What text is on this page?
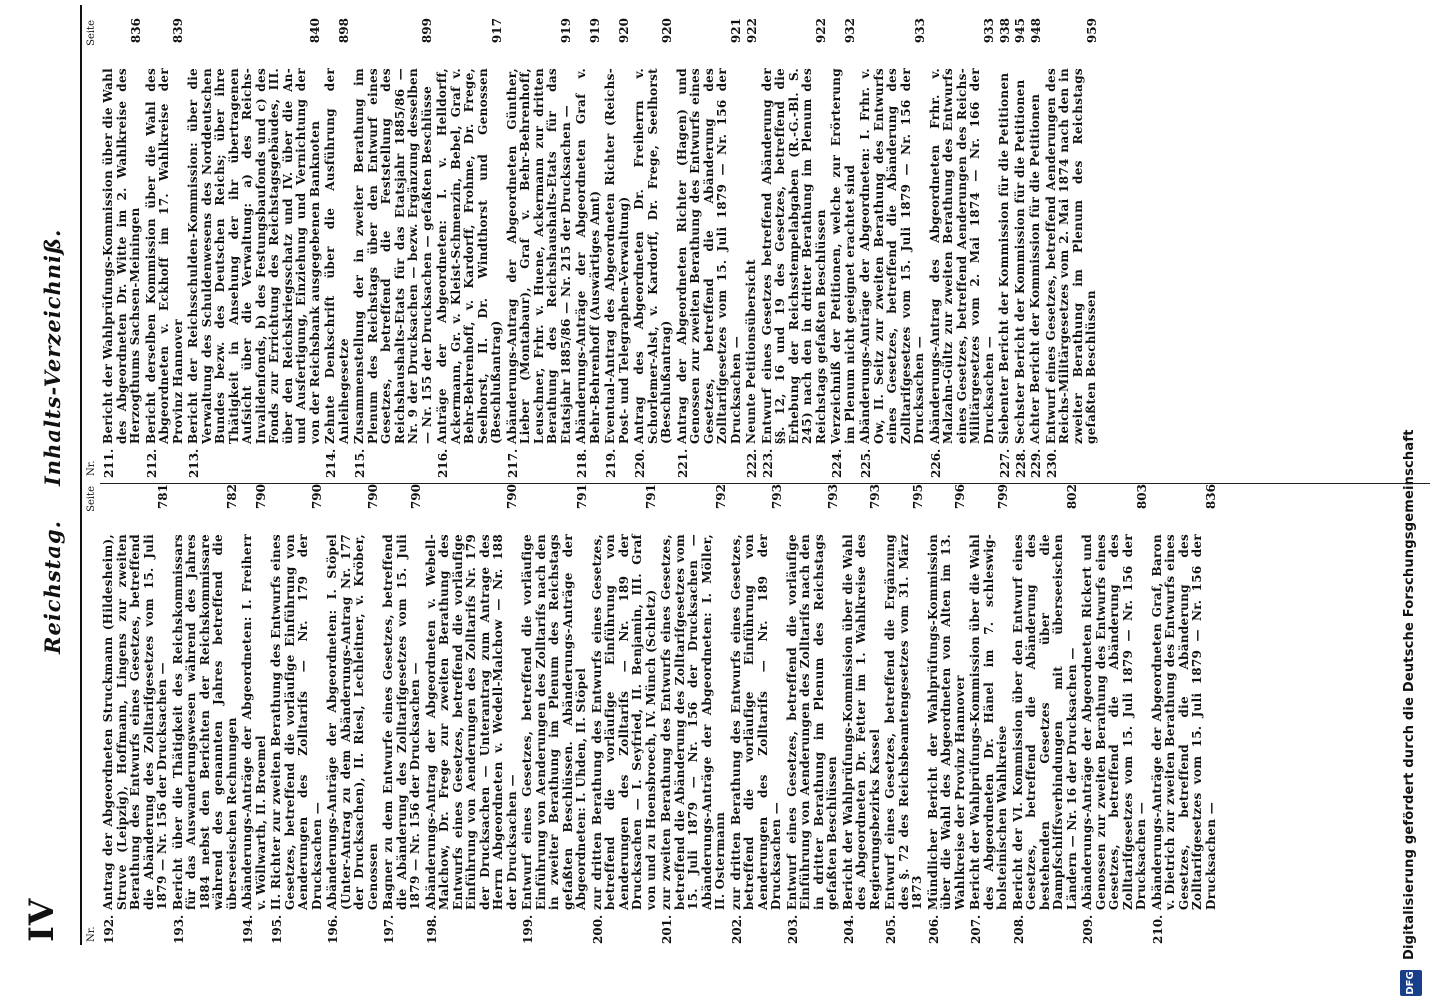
IV
Reichstag.Inhalts-Verzeichniß.
Nr.
Seite
192.
Antrag der Abgeordneten Struckmann (Hildesheim), Struve (Leipzig), Hoffmann, Lingens zur zweiten Berathung des Entwurfs eines Gesetzes, betreffend die Abänderung des Zolltarifgesetzes vom 15. Juli 1879 — Nr. 156 der Drucksachen —
781
193.
Bericht über die Thätigkeit des Reichskommissars für das Auswanderungswesen während des Jahres 1884 nebst den Berichten der Reichskommissare während des genannten Jahres betreffend die überseeischen Rechnungen
782
194.
Abänderungs-Anträge der Abgeordneten: I. Freiherr v. Wöllwarth, II. Broemel
790
195.
II. Richter zur zweiten Berathung des Entwurfs eines Gesetzes, betreffend die vorläufige Einführung von Aenderungen des Zolltarifs — Nr. 179 der Drucksachen —
790
196.
Abänderungs-Anträge der Abgeordneten: I. Stöpel (Unter-Antrag zu dem Abänderungs-Antrag Nr. 177 der Drucksachen), II. Riesl, Lechleitner, v. Kröber, Genossen
790
197.
Bagner zu dem Entwurfe eines Gesetzes, betreffend die Abänderung des Zolltarifgesetzes vom 15. Juli 1879 — Nr. 156 der Drucksachen —
790
198.
Abänderungs-Antrag der Abgeordneten v. Webell-Malchow, Dr. Frege zur zweiten Berathung des Entwurfs eines Gesetzes, betreffend die vorläufige Einführung von Aenderungen des Zolltarifs Nr. 179 der Drucksachen — Unterantrag zum Antrage des Herrn Abgeordneten v. Wedell-Malchow — Nr. 188 der Drucksachen —
790
199.
Entwurf eines Gesetzes, betreffend die vorläufige Einführung von Aenderungen des Zolltarifs nach den in zweiter Berathung im Plenum des Reichstags gefaßten Beschlüssen. Abänderungs-Anträge der Abgeordneten: I. Uhden, II. Stöpel
791
200.
zur dritten Berathung des Entwurfs eines Gesetzes, betreffend die vorläufige Einführung von Aenderungen des Zolltarifs — Nr. 189 der Drucksachen — I. Seyfried, II. Benjamin, III. Graf von und zu Hoensbroech, IV. Münch (Schletz)
791
201.
zur zweiten Berathung des Entwurfs eines Gesetzes, betreffend die Abänderung des Zolltarifgesetzes vom 15. Juli 1879 — Nr. 156 der Drucksachen — Abänderungs-Anträge der Abgeordneten: I. Möller, II. Ostermann
792
202.
zur dritten Berathung des Entwurfs eines Gesetzes, betreffend die vorläufige Einführung von Aenderungen des Zolltarifs — Nr. 189 der Drucksachen —
793
203.
Entwurf eines Gesetzes, betreffend die vorläufige Einführung von Aenderungen des Zolltarifs nach den in dritter Berathung im Plenum des Reichstags gefaßten Beschlüssen
793
204.
Bericht der Wahlprüfungs-Kommission über die Wahl des Abgeordneten Dr. Fetter im 1. Wahlkreise des Regierungsbezirks Kassel
793
205.
Entwurf eines Gesetzes, betreffend die Ergänzung des §. 72 des Reichsbeamtengesetzes vom 31. März 1873
795
206.
Mündlicher Bericht der Wahlprüfungs-Kommission über die Wahl des Abgeordneten von Alten im 13. Wahlkreise der Provinz Hannover
796
207.
Bericht der Wahlprüfungs-Kommission über die Wahl des Abgeordneten Dr. Hänel im 7. schleswig-holsteinischen Wahlkreise
799
208.
Bericht der VI. Kommission über den Entwurf eines Gesetzes, betreffend die Abänderung des bestehenden Gesetzes über die Dampfschiffsverbindungen mit überseeischen Ländern — Nr. 16 der Drucksachen —
802
209.
Abänderungs-Anträge der Abgeordneten Rickert und Genossen zur zweiten Berathung des Entwurfs eines Gesetzes, betreffend die Abänderung des Zolltarifgesetzes vom 15. Juli 1879 — Nr. 156 der Drucksachen —
803
210.
Abänderungs-Anträge der Abgeordneten Graf, Baron v. Dietrich zur zweiten Berathung des Entwurfs eines Gesetzes, betreffend die Abänderung des Zolltarifgesetzes vom 15. Juli 1879 — Nr. 156 der Drucksachen —
836
Nr.
Seite
211.
Bericht der Wahlprüfungs-Kommission über die Wahl des Abgeordneten Dr. Witte im 2. Wahlkreise des Herzogthums Sachsen-Meiningen
836
212.
Bericht derselben Kommission über die Wahl des Abgeordneten v. Eckhoff im 17. Wahlkreise der Provinz Hannover
839
213.
Bericht der Reichsschulden-Kommission: über die Verwaltung des Schuldenwesens des Norddeutschen Bundes bezw. des Deutschen Reichs; über ihre Thätigkeit in Ansehung der ihr übertragenen Aufsicht über die Verwaltung: a) des Reichs-Invalidenfonds, b) des Festungsbaufonds und c) des Fonds zur Errichtung des Reichstagsgebäudes, III. über den Reichskriegsschatz und IV. über die An- und Ausfertigung, Einziehung und Vernichtung der von der Reichsbank ausgegebenen Banknoten
840
214.
Zehnte Denkschrift über die Ausführung der Anleihegesetze
898
215.
Zusammenstellung der in zweiter Berathung im Plenum des Reichstags über den Entwurf eines Gesetzes, betreffend die Feststellung des Reichshaushalts-Etats für das Etatsjahr 1885/86 — Nr. 9 der Drucksachen — bezw. Ergänzung desselben — Nr. 155 der Drucksachen — gefaßten Beschlüsse
899
216.
Anträge der Abgeordneten: I. v. Helldorff, Ackermann, Gr. v. Kleist-Schmenzin, Bebel, Graf v. Behr-Behrenhoff, v. Kardorff, Frohme, Dr. Frege, Seelhorst, II. Dr. Windthorst und Genossen (Beschlußantrag)
917
217.
Abänderungs-Antrag der Abgeordneten Günther, Lieber (Montabaur), Graf v. Behr-Behrenhoff, Leuschner, Frhr. v. Huene, Ackermann zur dritten Berathung des Reichshaushalts-Etats für das Etatsjahr 1885/86 — Nr. 215 der Drucksachen —
919
218.
Abänderungs-Anträge der Abgeordneten Graf v. Behr-Behrenhoff (Auswärtiges Amt)
919
219.
Eventual-Antrag des Abgeordneten Richter (Reichs-Post- und Telegraphen-Verwaltung)
920
220.
Antrag des Abgeordneten Dr. Freiherrn v. Schorlemer-Alst, v. Kardorff, Dr. Frege, Seelhorst (Beschlußantrag)
920
221.
Antrag der Abgeordneten Richter (Hagen) und Genossen zur zweiten Berathung des Entwurfs eines Gesetzes, betreffend die Abänderung des Zolltarifgesetzes vom 15. Juli 1879 — Nr. 156 der Drucksachen —
921
222.
Neunte Petitionsübersicht
922
223.
Entwurf eines Gesetzes betreffend Abänderung der §§. 12, 16 und 19 des Gesetzes, betreffend die Erhebung der Reichsstempelabgaben (R.-G.-Bl. S. 245) nach den in dritter Berathung im Plenum des Reichstags gefaßten Beschlüssen
922
224.
Verzeichniß der Petitionen, welche zur Erörterung im Plenum nicht geeignet erachtet sind
932
225.
Abänderungs-Anträge der Abgeordneten: I. Frhr. v. Ow, II. Seitz zur zweiten Berathung des Entwurfs eines Gesetzes, betreffend die Abänderung des Zolltarifgesetzes vom 15. Juli 1879 — Nr. 156 der Drucksachen —
933
226.
Abänderungs-Antrag des Abgeordneten Frhr. v. Malzahn-Gültz zur zweiten Berathung des Entwurfs eines Gesetzes, betreffend Aenderungen des Reichs-Militärgesetzes vom 2. Mai 1874 — Nr. 166 der Drucksachen —
933
227.
Siebenter Bericht der Kommission für die Petitionen
938
228.
Sechster Bericht der Kommission für die Petitionen
945
229.
Achter Bericht der Kommission für die Petitionen
948
230.
Entwurf eines Gesetzes, betreffend Aenderungen des Reichs-Militärgesetzes vom 2. Mai 1874 nach den in zweiter Berathung im Plenum des Reichstags gefaßten Beschlüssen
959
DFG
Digitalisierung gefördert durch die Deutsche Forschungsgemeinschaft
